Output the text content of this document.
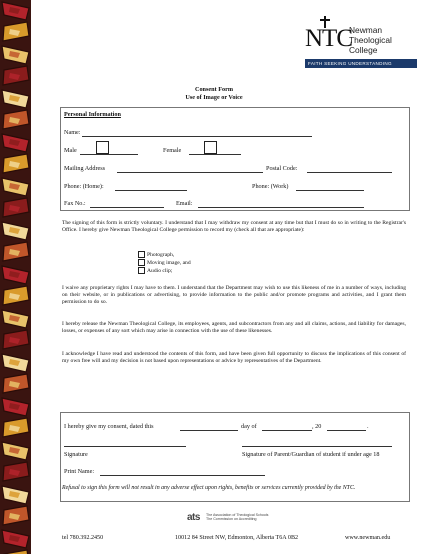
NTC
Newman
Theological
College
FAITH SEEKING UNDERSTANDING
Consent Form
Use of Image or Voice
Personal Information
Name:
Male	Female
Mailing Address	Postal Code:
Phone: (Home):	Phone: (Work)
Fax No.:	Email:
The signing of this form is strictly voluntary. I understand that I may withdraw my consent at any time but that I must do so in writing to the Registrar's Office. I hereby give Newman Theological College permission to record my (check all that are appropriate):
Photograph,
Moving image, and
Audio clip;
I waive any proprietary rights I may have to them. I understand that the Department may wish to use this likeness of me in a number of ways, including on their website, or in publications or advertising, to provide information to the public and/or promote programs and activities, and I grant them permission to do so.
I hereby release the Newman Theological College, its employees, agents, and subcontractors from any and all claims, actions, and liability for damages, losses, or expenses of any sort which may arise in connection with the use of these likenesses.
I acknowledge I have read and understood the contents of this form, and have been given full opportunity to discuss the implications of this consent of my own free will and my decision is not based upon representations or advice by representatives of the Department.
I hereby give my consent, dated this	day of	, 20	.
Signature	Signature of Parent/Guardian of student if under age 18
Print Name:
Refusal to sign this form will not result in any adverse effect upon rights, benefits or services currently provided by the NTC.
ats The Association of Theological Schools
The Commission on Accrediting
tel 780.392.2450	10012 84 Street NW, Edmonton, Alberta T6A 0B2	www.newman.edu
